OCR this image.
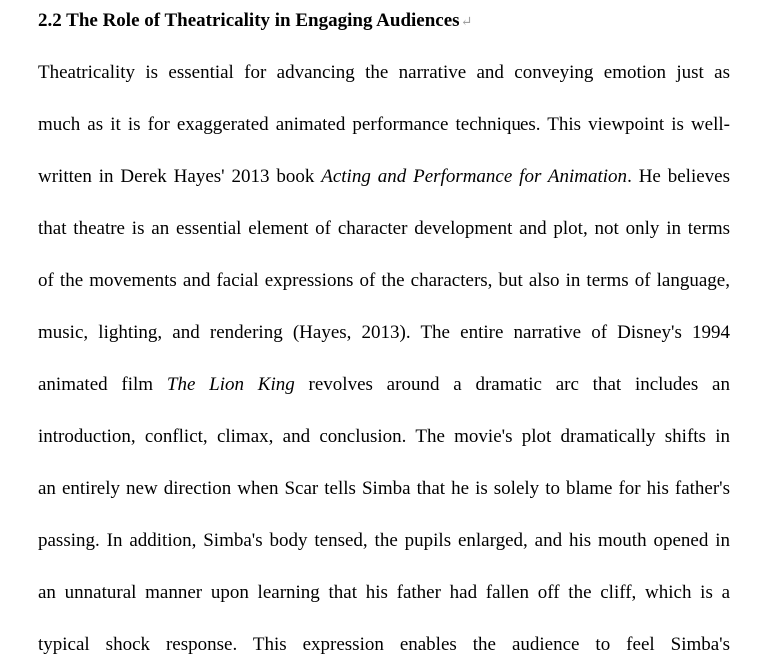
2.2 The Role of Theatricality in Engaging Audiences↵
Theatricality is essential for advancing the narrative and conveying emotion just as
much as it is for exaggerated animated performance techniques. This viewpoint is well-
written in Derek Hayes' 2013 book Acting and Performance for Animation. He believes
that theatre is an essential element of character development and plot, not only in terms
of the movements and facial expressions of the characters, but also in terms of language,
music, lighting, and rendering (Hayes, 2013). The entire narrative of Disney's 1994
animated film The Lion King revolves around a dramatic arc that includes an
introduction, conflict, climax, and conclusion. The movie's plot dramatically shifts in
an entirely new direction when Scar tells Simba that he is solely to blame for his father's
passing. In addition, Simba's body tensed, the pupils enlarged, and his mouth opened in
an unnatural manner upon learning that his father had fallen off the cliff, which is a
typical shock response. This expression enables the audience to feel Simba's
